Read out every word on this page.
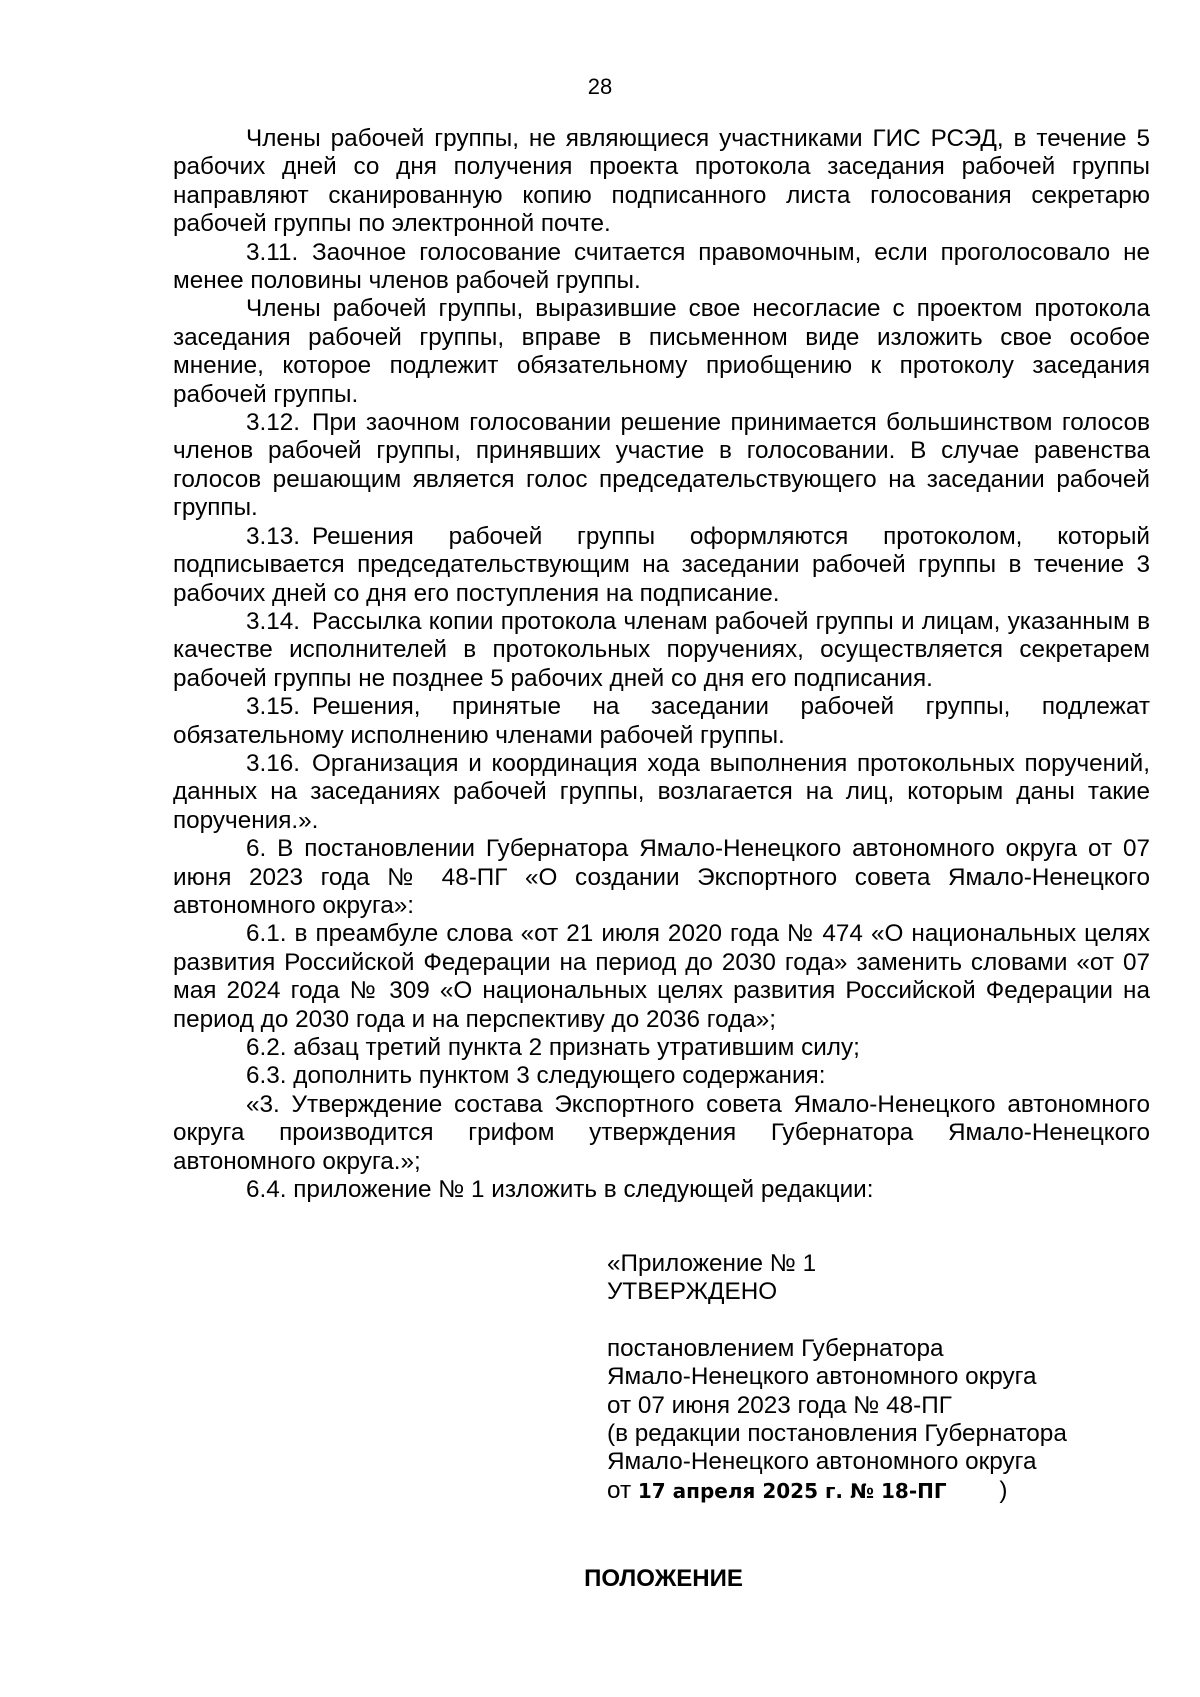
28

Члены рабочей группы, не являющиеся участниками ГИС РСЭД, в течение 5 рабочих дней со дня получения проекта протокола заседания рабочей группы направляют сканированную копию подписанного листа голосования секретарю рабочей группы по электронной почте.

3.11. Заочное голосование считается правомочным, если проголосовало не менее половины членов рабочей группы.

Члены рабочей группы, выразившие свое несогласие с проектом протокола заседания рабочей группы, вправе в письменном виде изложить свое особое мнение, которое подлежит обязательному приобщению к протоколу заседания рабочей группы.

3.12. При заочном голосовании решение принимается большинством голосов членов рабочей группы, принявших участие в голосовании. В случае равенства голосов решающим является голос председательствующего на заседании рабочей группы.

3.13. Решения рабочей группы оформляются протоколом, который подписывается председательствующим на заседании рабочей группы в течение 3 рабочих дней со дня его поступления на подписание.

3.14. Рассылка копии протокола членам рабочей группы и лицам, указанным в качестве исполнителей в протокольных поручениях, осуществляется секретарем рабочей группы не позднее 5 рабочих дней со дня его подписания.

3.15. Решения, принятые на заседании рабочей группы, подлежат обязательному исполнению членами рабочей группы.

3.16. Организация и координация хода выполнения протокольных поручений, данных на заседаниях рабочей группы, возлагается на лиц, которым даны такие поручения.».

6. В постановлении Губернатора Ямало-Ненецкого автономного округа от 07 июня 2023 года № 48-ПГ «О создании Экспортного совета Ямало-Ненецкого автономного округа»:

6.1. в преамбуле слова «от 21 июля 2020 года № 474 «О национальных целях развития Российской Федерации на период до 2030 года» заменить словами «от 07 мая 2024 года № 309 «О национальных целях развития Российской Федерации на период до 2030 года и на перспективу до 2036 года»;

6.2. абзац третий пункта 2 признать утратившим силу;

6.3. дополнить пунктом 3 следующего содержания:

«3. Утверждение состава Экспортного совета Ямало-Ненецкого автономного округа производится грифом утверждения Губернатора Ямало-Ненецкого автономного округа.»;

6.4. приложение № 1 изложить в следующей редакции:

«Приложение № 1
УТВЕРЖДЕНО
постановлением Губернатора
Ямало-Ненецкого автономного округа
от 07 июня 2023 года № 48-ПГ
(в редакции постановления Губернатора
Ямало-Ненецкого автономного округа
от 17 апреля 2025 г. № 18-ПГ )
ПОЛОЖЕНИЕ
